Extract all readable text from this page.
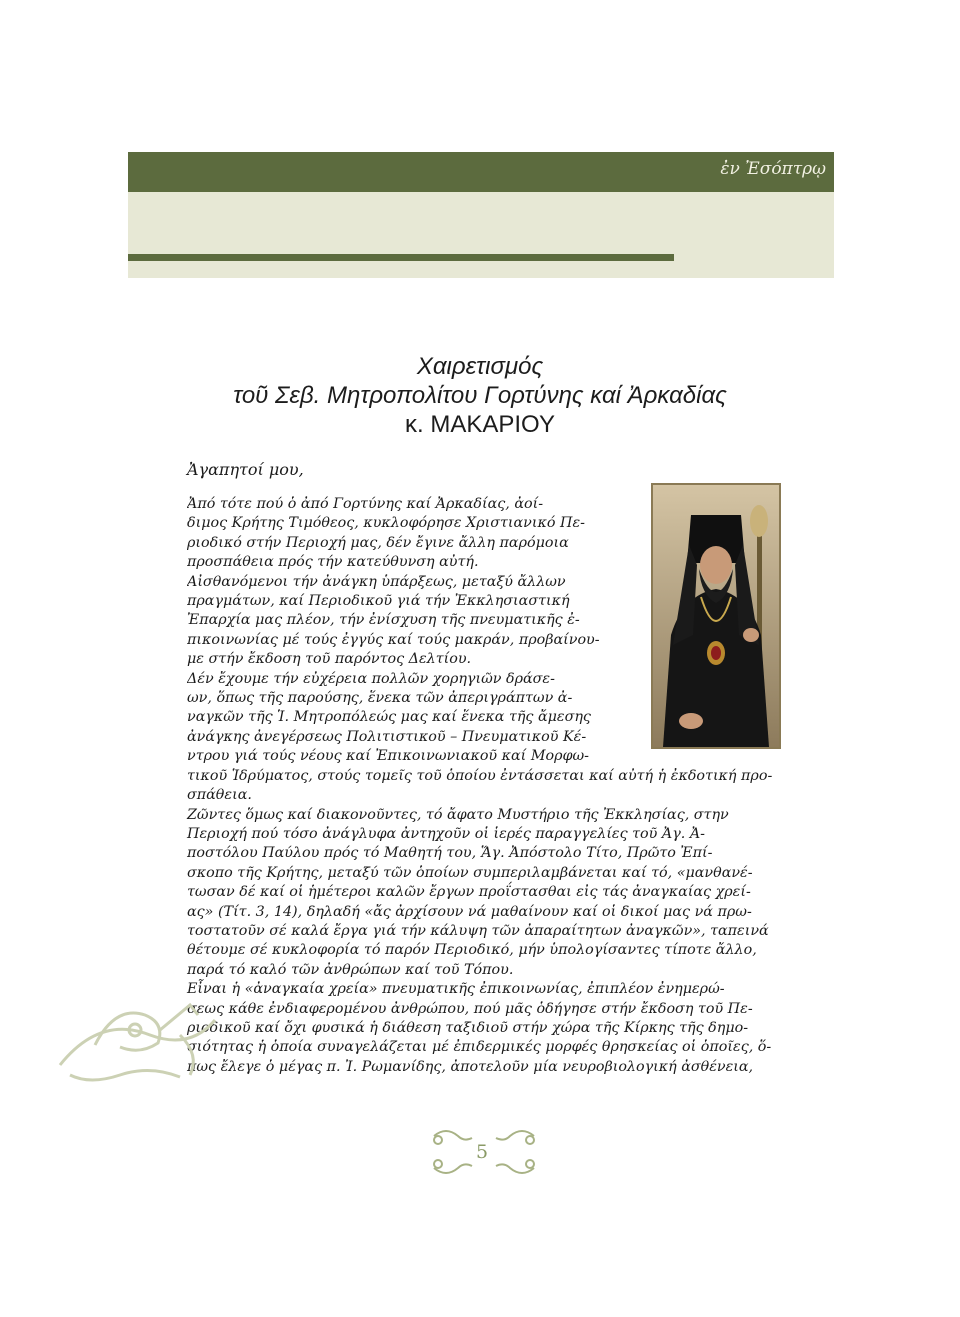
ἐν Ἐσόπτρῳ
Χαιρετισμός
τοῦ Σεβ. Μητροπολίτου Γορτύνης καί Ἀρκαδίας
κ. ΜΑΚΑΡΙΟΥ
Ἀγαπητοί μου,
Ἀπό τότε πού ὁ ἀπό Γορτύνης καί Ἀρκαδίας, ἀοί-
διμος Κρήτης Τιμόθεος, κυκλοφόρησε Χριστιανικό Πε-
ριοδικό στήν Περιοχή μας, δέν ἔγινε ἄλλη παρόμοια
προσπάθεια πρός τήν κατεύθυνση αὐτή.
Αἰσθανόμενοι τήν ἀνάγκη ὑπάρξεως, μεταξύ ἄλλων
πραγμάτων, καί Περιοδικοῦ γιά τήν Ἐκκλησιαστική
Ἐπαρχία μας πλέον, τήν ἐνίσχυση τῆς πνευματικῆς ἐ-
πικοινωνίας μέ τούς ἐγγύς καί τούς μακράν, προβαίνου-
με στήν ἔκδοση τοῦ παρόντος Δελτίου.
Δέν ἔχουμε τήν εὐχέρεια πολλῶν χορηγιῶν δράσε-
ων, ὅπως τῆς παρούσης, ἕνεκα τῶν ἀπεριγράπτων ἀ-
ναγκῶν τῆς Ἱ. Μητροπόλεώς μας καί ἕνεκα τῆς ἄμεσης
ἀνάγκης ἀνεγέρσεως Πολιτιστικοῦ – Πνευματικοῦ Κέ-
ντρου γιά τούς νέους καί Ἐπικοινωνιακοῦ καί Μορφω-
τικοῦ Ἱδρύματος, στούς τομεῖς τοῦ ὁποίου ἐντάσσεται καί αὐτή ἡ ἐκδοτική προ-
σπάθεια.
Ζῶντες ὅμως καί διακονοῦντες, τό ἄφατο Μυστήριο τῆς Ἐκκλησίας, στην
Περιοχή πού τόσο ἀνάγλυφα ἀντηχοῦν οἱ ἱερές παραγγελίες τοῦ Ἀγ. Ἀ-
ποστόλου Παύλου πρός τό Μαθητή του, Ἅγ. Ἀπόστολο Τίτο, Πρῶτο Ἐπί-
σκοπο τῆς Κρήτης, μεταξύ τῶν ὁποίων συμπεριλαμβάνεται καί τό, «μανθανέ-
τωσαν δέ καί οἱ ἡμέτεροι καλῶν ἔργων προΐστασθαι εἰς τάς ἀναγκαίας χρεί-
ας» (Τίτ. 3, 14), δηλαδή «ἄς ἀρχίσουν νά μαθαίνουν καί οἱ δικοί μας νά πρω-
τοστατοῦν σέ καλά ἔργα γιά τήν κάλυψη τῶν ἀπαραίτητων ἀναγκῶν», ταπεινά
θέτουμε σέ κυκλοφορία τό παρόν Περιοδικό, μήν ὑπολογίσαντες τίποτε ἄλλο,
παρά τό καλό τῶν ἀνθρώπων καί τοῦ Τόπου.
Εἶναι ἡ «ἀναγκαία χρεία» πνευματικῆς ἐπικοινωνίας, ἐπιπλέον ἐνημερώ-
σεως κάθε ἐνδιαφερομένου ἀνθρώπου, πού μᾶς ὁδήγησε στήν ἔκδοση τοῦ Πε-
ριοδικοῦ καί ὄχι φυσικά ἡ διάθεση ταξιδιοῦ στήν χώρα τῆς Κίρκης τῆς δημο-
σιότητας ἡ ὁποία συναγελάζεται μέ ἐπιδερμικές μορφές θρησκείας οἱ ὁποῖες, ὅ-
πως ἔλεγε ὁ μέγας π. Ἰ. Ρωμανίδης, ἀποτελοῦν μία νευροβιολογική ἀσθένεια,
5
